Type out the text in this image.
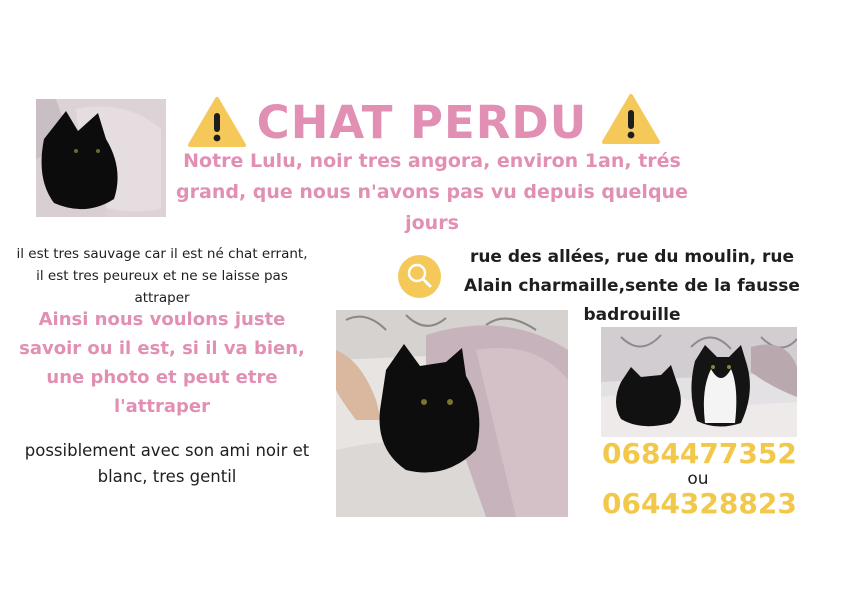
CHAT PERDU
Notre Lulu, noir tres angora, environ 1an, trés grand, que nous n'avons pas vu depuis quelque jours
il est tres sauvage car il est né chat errant, il est tres peureux et ne se laisse pas attraper
Ainsi nous voulons juste savoir ou il est, si il va bien, une photo et peut etre l'attraper
possiblement avec son ami noir et blanc, tres gentil
rue des allées, rue du moulin, rue Alain charmaille,sente de la fausse badrouille
0684477352
ou
0644328823
